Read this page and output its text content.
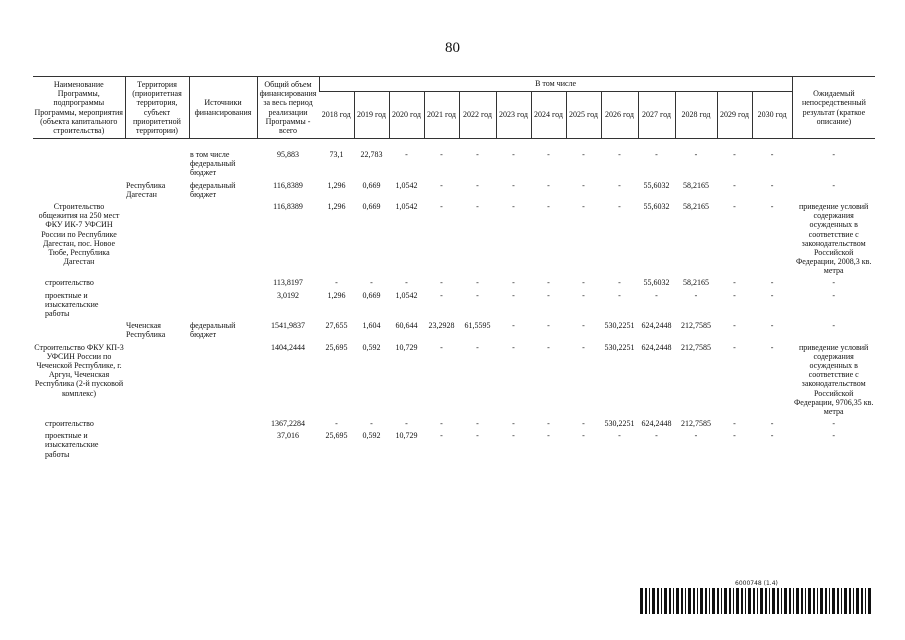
80
Наименование Программы, подпрограммы Программы, мероприятия (объекта капитального строительства)	Территория (приоритетная территория, субъект приоритетной территории)	Источники финансирования	Общий объем финансирования за весь период реализации Программы - всего	В том числе													Ожидаемый непосредственный результат (краткое описание)
				2018 год	2019 год	2020 год	2021 год	2022 год	2023 год	2024 год	2025 год	2026 год	2027 год	2028 год	2029 год	2030 год	

		в том числе федеральный бюджет	95,883	73,1	22,783	-	-	-	-	-	-	-	-	-	-	-	-
	Республика Дагестан	федеральный бюджет	116,8389	1,296	0,669	1,0542	-	-	-	-	-	-	55,6032	58,2165	-	-	-
Строительство общежития на 250 мест ФКУ ИК-7 УФСИН России по Республике Дагестан, пос. Новое Тюбе, Республика Дагестан			116,8389	1,296	0,669	1,0542	-	-	-	-	-	-	55,6032	58,2165	-	-	приведение условий содержания осужденных в соответствие с законодательством Российской Федерации, 2008,3 кв. метра
строительство			113,8197	-	-	-	-	-	-	-	-	-	55,6032	58,2165	-	-	-
проектные и изыскательские работы			3,0192	1,296	0,669	1,0542	-	-	-	-	-	-	-	-	-	-	-
	Чеченская Республика	федеральный бюджет	1541,9837	27,655	1,604	60,644	23,2928	61,5595	-	-	-	530,2251	624,2448	212,7585	-	-	-
Строительство ФКУ КП-3 УФСИН России по Чеченской Республике, г. Аргун, Чеченская Республика (2-й пусковой комплекс)			1404,2444	25,695	0,592	10,729	-	-	-	-	-	530,2251	624,2448	212,7585	-	-	приведение условий содержания осужденных в соответствие с законодательством Российской Федерации, 9706,35 кв. метра
строительство			1367,2284	-	-	-	-	-	-	-	-	530,2251	624,2448	212,7585	-	-	-
проектные и изыскательские работы			37,016	25,695	0,592	10,729	-	-	-	-	-	-	-	-	-	-	-
6000748 (1.4)
